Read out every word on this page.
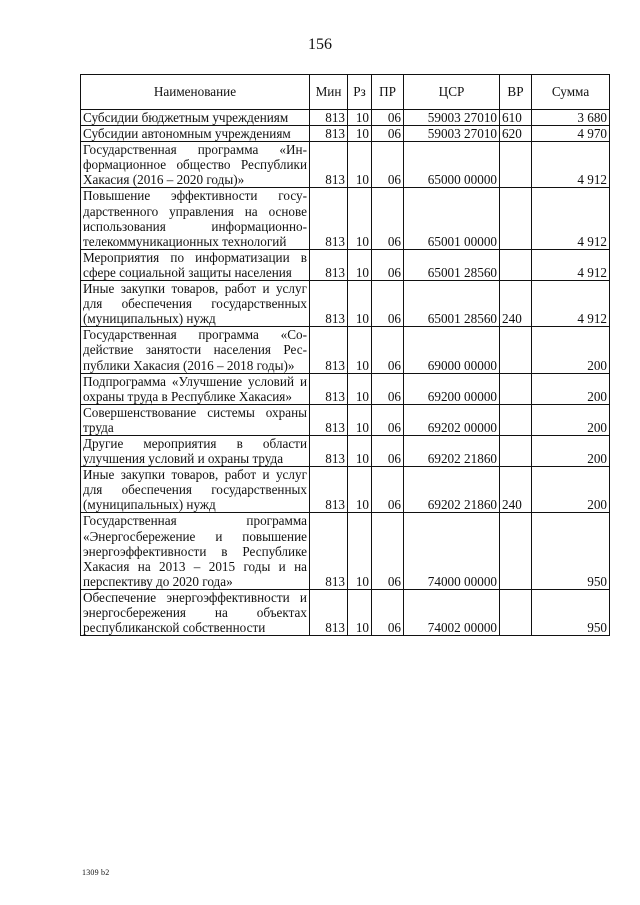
156
Наименование	Мин	Рз	ПР	ЦСР	ВР	Сумма
Субсидии бюджетным учреждениям	813	10	06	59003 27010	610	3 680
Субсидии автономным учреждениям	813	10	06	59003 27010	620	4 970
Государственная программа «Информационное общество Республики Хакасия (2016 – 2020 годы)»	813	10	06	65000 00000		4 912
Повышение эффективности государственного управления на основе использования информационно-телекоммуникационных технологий	813	10	06	65001 00000		4 912
Мероприятия по информатизации в сфере социальной защиты населения	813	10	06	65001 28560		4 912
Иные закупки товаров, работ и услуг для обеспечения государственных (муниципальных) нужд	813	10	06	65001 28560	240	4 912
Государственная программа «Содействие занятости населения Республики Хакасия (2016 – 2018 годы)»	813	10	06	69000 00000		200
Подпрограмма «Улучшение условий и охраны труда в Республике Хакасия»	813	10	06	69200 00000		200
Совершенствование системы охраны труда	813	10	06	69202 00000		200
Другие мероприятия в области улучшения условий и охраны труда	813	10	06	69202 21860		200
Иные закупки товаров, работ и услуг для обеспечения государственных (муниципальных) нужд	813	10	06	69202 21860	240	200
Государственная программа «Энергосбережение и повышение энергоэффективности в Республике Хакасия на 2013 – 2015 годы и на перспективу до 2020 года»	813	10	06	74000 00000		950
Обеспечение энергоэффективности и энергосбережения на объектах республиканской собственности	813	10	06	74002 00000		950
1309 b2
